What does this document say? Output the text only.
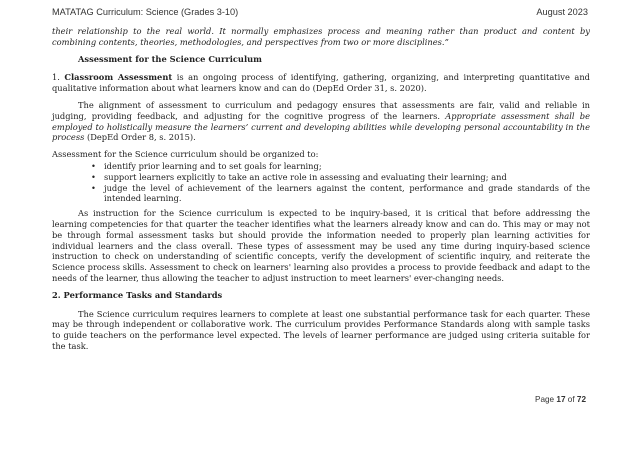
MATATAG Curriculum: Science (Grades 3-10)	August 2023

their relationship to the real world. It normally emphasizes process and meaning rather than product and content by combining contents, theories, methodologies, and perspectives from two or more disciplines.”

Assessment for the Science Curriculum

1. Classroom Assessment is an ongoing process of identifying, gathering, organizing, and interpreting quantitative and qualitative information about what learners know and can do (DepEd Order 31, s. 2020).

The alignment of assessment to curriculum and pedagogy ensures that assessments are fair, valid and reliable in judging, providing feedback, and adjusting for the cognitive progress of the learners. Appropriate assessment shall be employed to holistically measure the learners’ current and developing abilities while developing personal accountability in the process (DepEd Order 8, s. 2015).

Assessment for the Science curriculum should be organized to:

• identify prior learning and to set goals for learning;
• support learners explicitly to take an active role in assessing and evaluating their learning; and
• judge the level of achievement of the learners against the content, performance and grade standards of the intended learning.

As instruction for the Science curriculum is expected to be inquiry-based, it is critical that before addressing the learning competencies for that quarter the teacher identifies what the learners already know and can do. This may or may not be through formal assessment tasks but should provide the information needed to properly plan learning activities for individual learners and the class overall. These types of assessment may be used any time during inquiry-based science instruction to check on understanding of scientific concepts, verify the development of scientific inquiry, and reiterate the Science process skills. Assessment to check on learners' learning also provides a process to provide feedback and adapt to the needs of the learner, thus allowing the teacher to adjust instruction to meet learners' ever-changing needs.

2. Performance Tasks and Standards

The Science curriculum requires learners to complete at least one substantial performance task for each quarter. These may be through independent or collaborative work. The curriculum provides Performance Standards along with sample tasks to guide teachers on the performance level expected. The levels of learner performance are judged using criteria suitable for the task.

Page 17 of 72
